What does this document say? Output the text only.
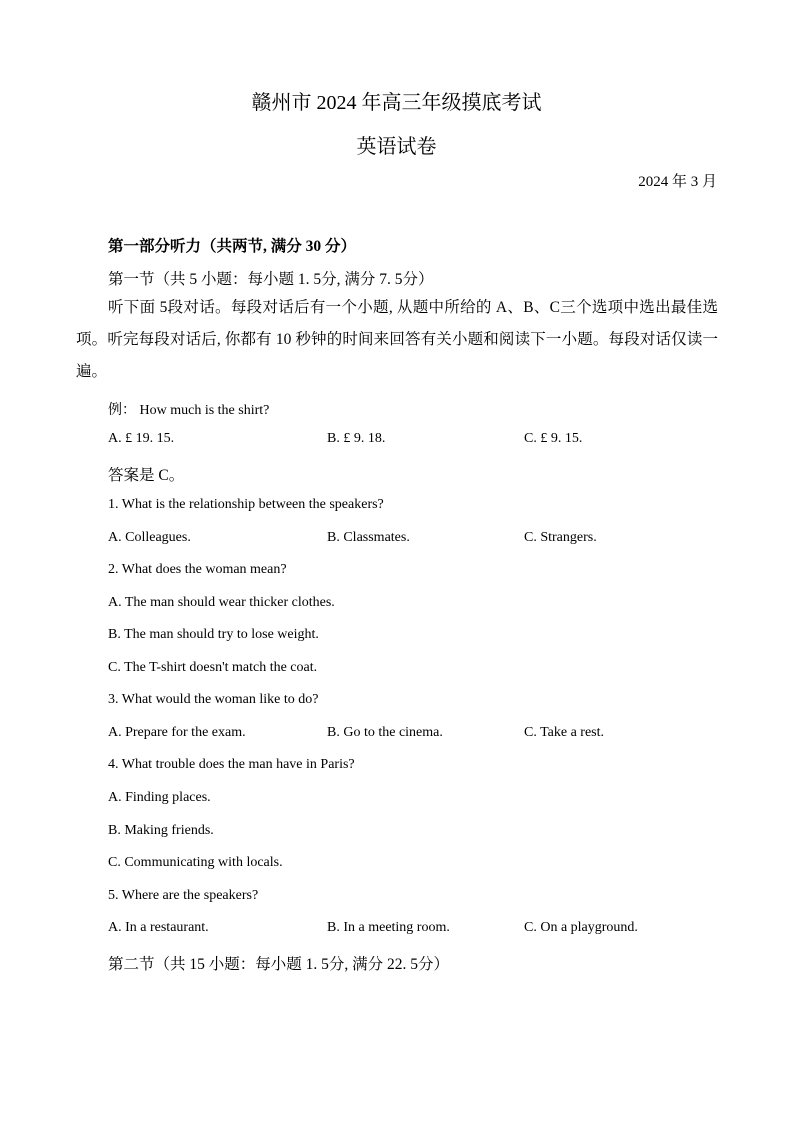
赣州市 2024 年高三年级摸底考试
英语试卷
2024 年 3 月
第一部分听力（共两节, 满分 30 分）
第一节（共 5 小题：每小题 1. 5分, 满分 7. 5分）
听下面 5段对话。每段对话后有一个小题, 从题中所给的 A、B、C三个选项中选出最佳选项。听完每段对话后, 你都有 10 秒钟的时间来回答有关小题和阅读下一小题。每段对话仅读一遍。
例： How much is the shirt?
A. £ 19. 15.	B. £ 9. 18.	C. £ 9. 15.
答案是 C。
1. What is the relationship between the speakers?
A. Colleagues.	B. Classmates.	C. Strangers.
2. What does the woman mean?
A. The man should wear thicker clothes.
B. The man should try to lose weight.
C. The T-shirt doesn't match the coat.
3. What would the woman like to do?
A. Prepare for the exam.	B. Go to the cinema.	C. Take a rest.
4. What trouble does the man have in Paris?
A. Finding places.
B. Making friends.
C. Communicating with locals.
5. Where are the speakers?
A. In a restaurant.	B. In a meeting room.	C. On a playground.
第二节（共 15 小题：每小题 1. 5分, 满分 22. 5分）
